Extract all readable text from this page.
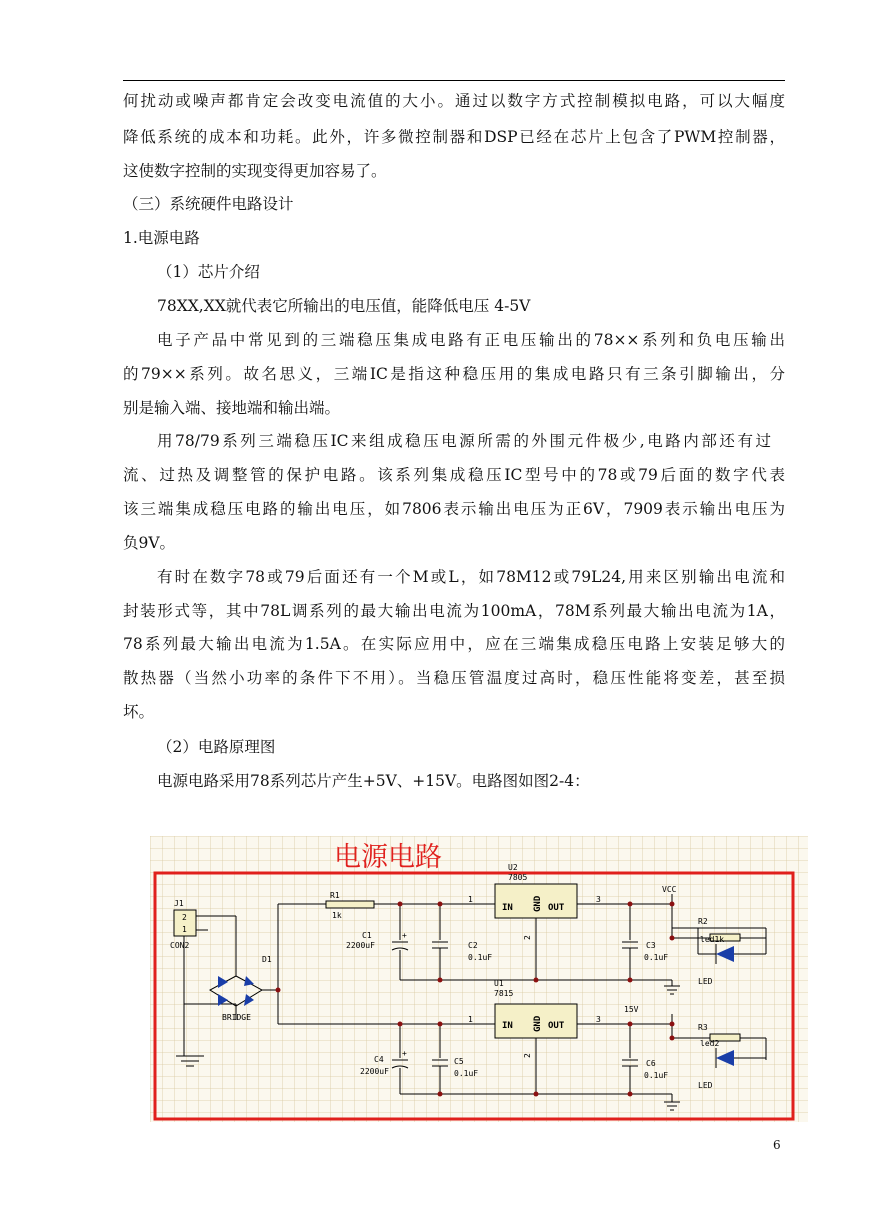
何扰动或噪声都肯定会改变电流值的大小。通过以数字方式控制模拟电路，可以大幅度
降低系统的成本和功耗。此外，许多微控制器和DSP已经在芯片上包含了PWM控制器，
这使数字控制的实现变得更加容易了。
（三）系统硬件电路设计
1.电源电路
（1）芯片介绍
78XX,XX就代表它所输出的电压值，能降低电压 4-5V
电子产品中常见到的三端稳压集成电路有正电压输出的78××系列和负电压输出
的79××系列。故名思义，三端IC是指这种稳压用的集成电路只有三条引脚输出，分
别是输入端、接地端和输出端。
用78/79系列三端稳压IC来组成稳压电源所需的外围元件极少,电路内部还有过
流、过热及调整管的保护电路。该系列集成稳压IC型号中的78或79后面的数字代表
该三端集成稳压电路的输出电压，如7806表示输出电压为正6V，7909表示输出电压为
负9V。
有时在数字78或79后面还有一个M或L，如78M12或79L24,用来区别输出电流和
封装形式等，其中78L调系列的最大输出电流为100mA，78M系列最大输出电流为1A，
78系列最大输出电流为1.5A。在实际应用中，应在三端集成稳压电路上安装足够大的
散热器（当然小功率的条件下不用）。当稳压管温度过高时，稳压性能将变差，甚至损
坏。
（2）电路原理图
电源电路采用78系列芯片产生+5V、+15V。电路图如图2-4：
电源电路
J1
2
1
CON2
D1
BRIDGE
R1
1k
C1
2200uF
+
C2
0.1uF
C4
2200uF
+
C5
0.1uF
U2
7805
IN GND OUT
1
2
3
U1
7815
IN GND OUT
1
2
3
VCC
15V
C3
0.1uF
C6
0.1uF
R2
led1k
R3
led2
LED
LED
6
